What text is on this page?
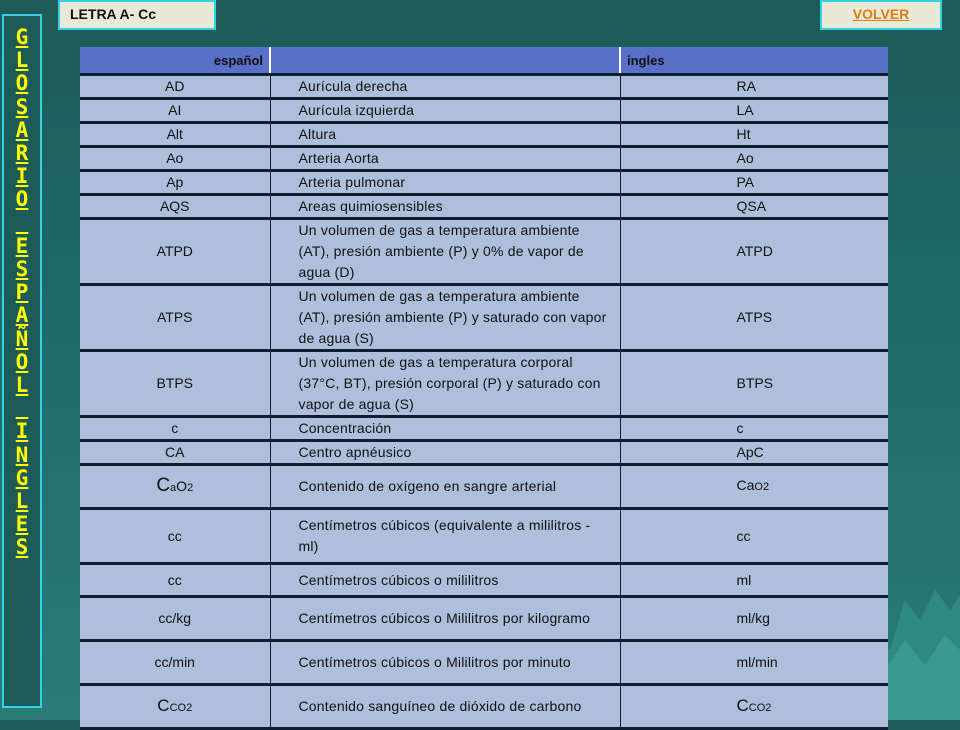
G
L
O
S
A
R
I
O

E
S
P
A
Ñ
O
L

I
N
G
L
E
S
LETRA A- Cc	VOLVER
español		ingles
AD	Aurícula derecha	RA
AI	Aurícula izquierda	LA
Alt	Altura	Ht
Ao	Arteria Aorta	Ao
Ap	Arteria pulmonar	PA
AQS	Areas quimiosensibles	QSA
ATPD	Un volumen de gas a temperatura ambiente (AT), presión ambiente (P) y 0% de vapor de agua (D)	ATPD
ATPS	Un volumen de gas a temperatura ambiente (AT), presión ambiente (P) y saturado con vapor de agua (S)	ATPS
BTPS	Un volumen de gas a temperatura corporal (37°C, BT), presión corporal (P) y saturado con vapor de agua (S)	BTPS
c	Concentración	c
CA	Centro apnéusico	ApC
CaO2	Contenido de oxígeno en sangre arterial	CaO2
cc	Centímetros cúbicos (equivalente a mililitros - ml)	cc
cc	Centímetros cúbicos o mililitros	ml
cc/kg	Centímetros cúbicos o Mililitros por kilogramo	ml/kg
cc/min	Centímetros cúbicos o Mililitros por minuto	ml/min
CCO2	Contenido sanguíneo de dióxido de carbono	CCO2
